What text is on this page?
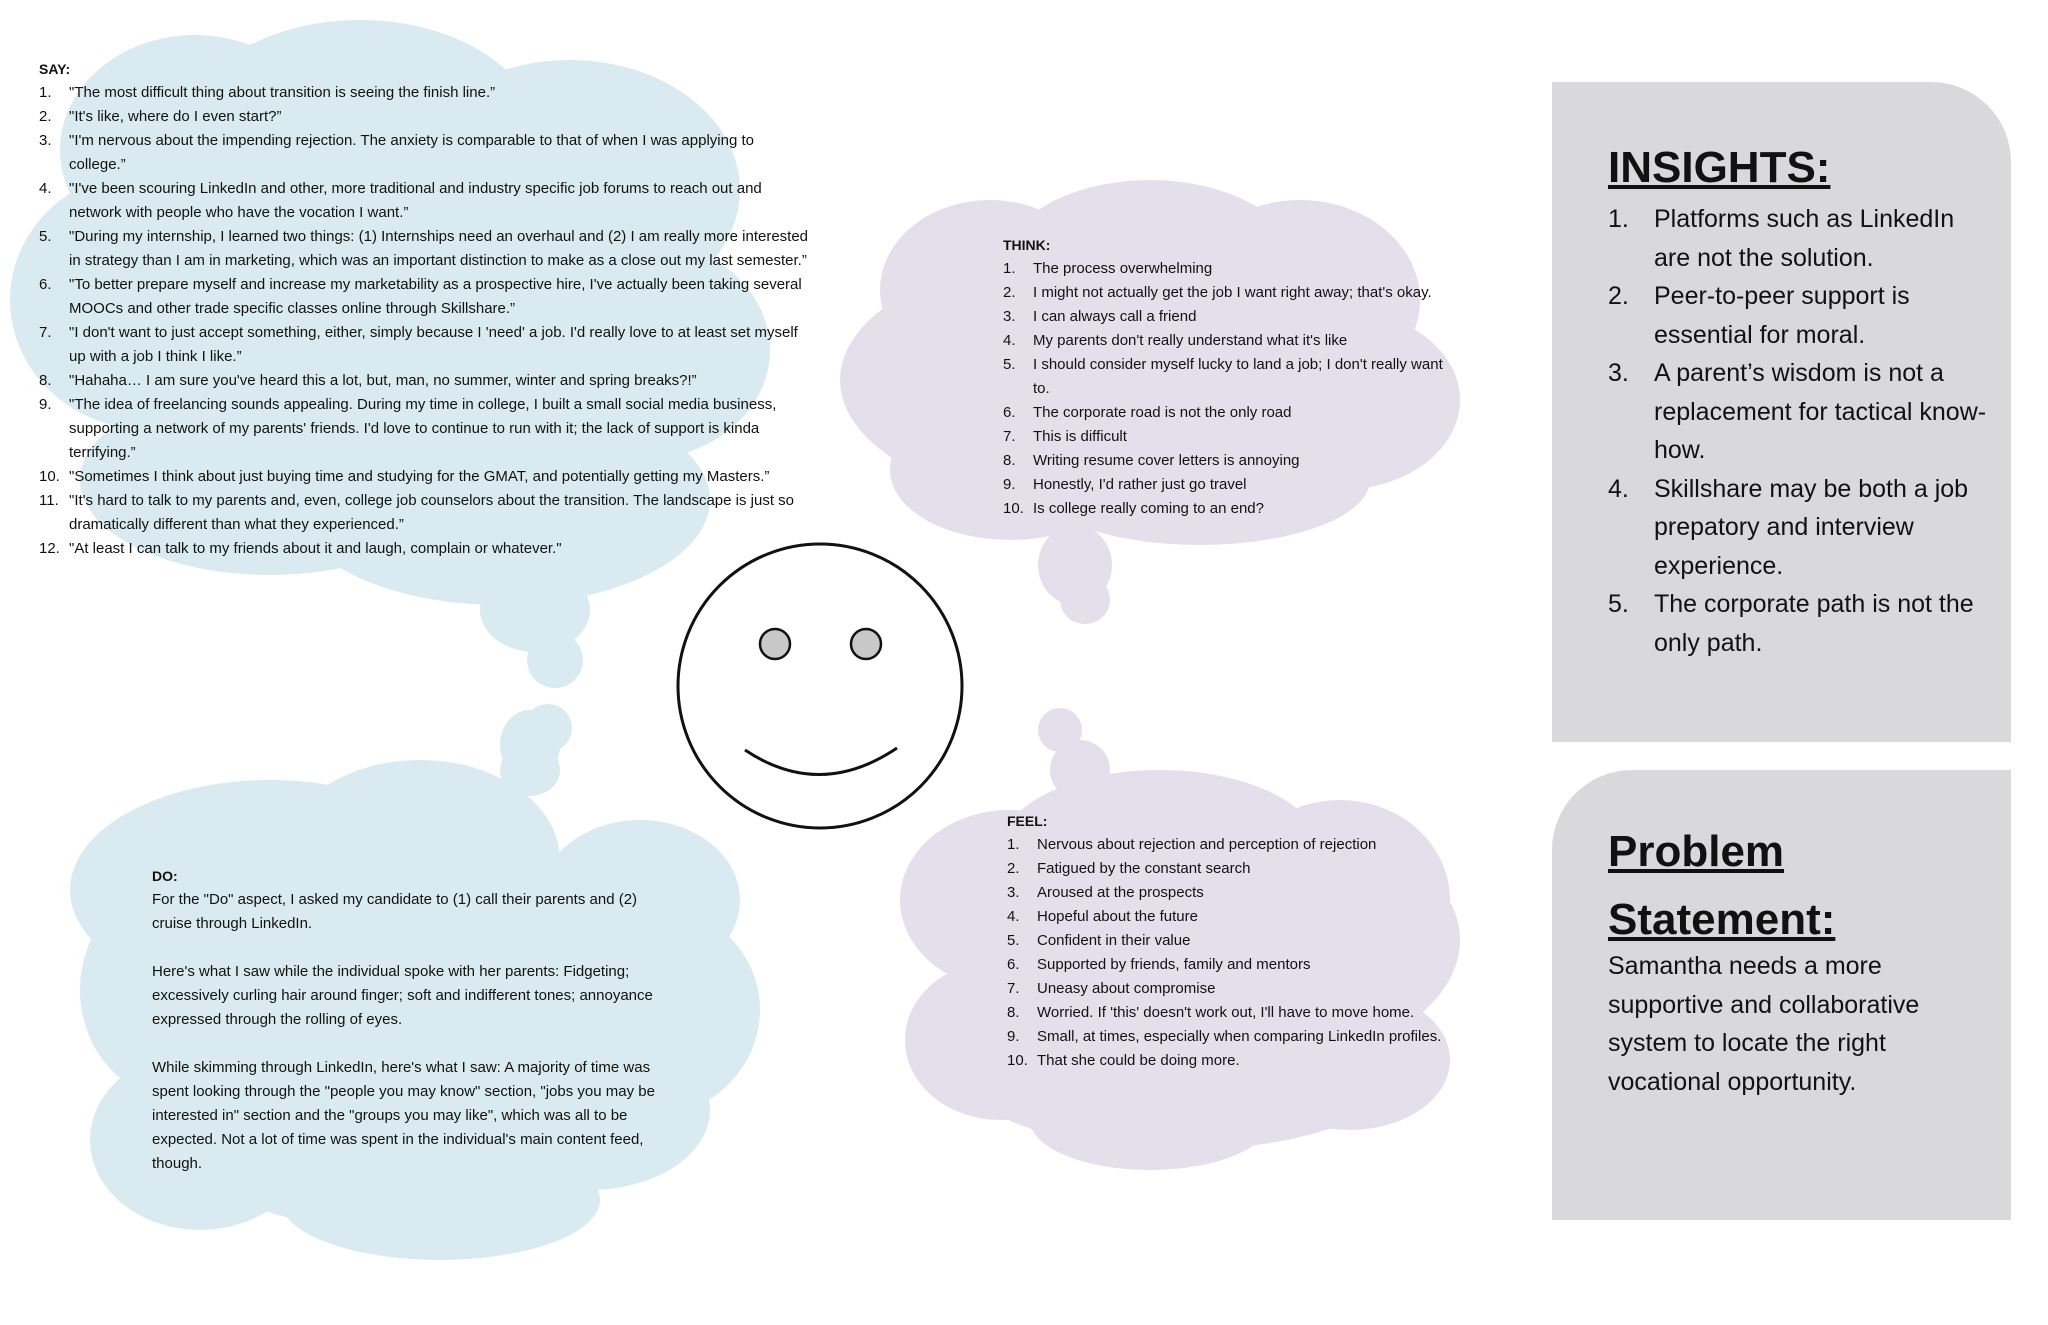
SAY:
1. "The most difficult thing about transition is seeing the finish line.”
2. "It's like, where do I even start?”
3. "I'm nervous about the impending rejection. The anxiety is comparable to that of when I was applying to college.”
4. "I've been scouring LinkedIn and other, more traditional and industry specific job forums to reach out and network with people who have the vocation I want.”
5. "During my internship, I learned two things: (1) Internships need an overhaul and (2) I am really more interested in strategy than I am in marketing, which was an important distinction to make as a close out my last semester.”
6. "To better prepare myself and increase my marketability as a prospective hire, I've actually been taking several MOOCs and other trade specific classes online through Skillshare.”
7. "I don't want to just accept something, either, simply because I 'need' a job. I'd really love to at least set myself up with a job I think I like.”
8. "Hahaha… I am sure you've heard this a lot, but, man, no summer, winter and spring breaks?!”
9. "The idea of freelancing sounds appealing. During my time in college, I built a small social media business, supporting a network of my parents' friends. I'd love to continue to run with it; the lack of support is kinda terrifying.”
10. "Sometimes I think about just buying time and studying for the GMAT, and potentially getting my Masters.”
11. "It's hard to talk to my parents and, even, college job counselors about the transition. The landscape is just so dramatically different than what they experienced.”
12. "At least I can talk to my friends about it and laugh, complain or whatever."
THINK:
1. The process overwhelming
2. I might not actually get the job I want right away; that's okay.
3. I can always call a friend
4. My parents don't really understand what it's like
5. I should consider myself lucky to land a job; I don't really want to.
6. The corporate road is not the only road
7. This is difficult
8. Writing resume cover letters is annoying
9. Honestly, I'd rather just go travel
10. Is college really coming to an end?
FEEL:
1. Nervous about rejection and perception of rejection
2. Fatigued by the constant search
3. Aroused at the prospects
4. Hopeful about the future
5. Confident in their value
6. Supported by friends, family and mentors
7. Uneasy about compromise
8. Worried. If 'this' doesn't work out, I'll have to move home.
9. Small, at times, especially when comparing LinkedIn profiles.
10. That she could be doing more.
DO:

For the "Do" aspect, I asked my candidate to (1) call their parents and (2) cruise through LinkedIn.

Here's what I saw while the individual spoke with her parents: Fidgeting; excessively curling hair around finger; soft and indifferent tones; annoyance expressed through the rolling of eyes.

While skimming through LinkedIn, here's what I saw: A majority of time was spent looking through the "people you may know" section, "jobs you may be interested in" section and the "groups you may like", which was all to be expected. Not a lot of time was spent in the individual's main content feed, though.

INSIGHTS:
1. Platforms such as LinkedIn are not the solution.
2. Peer-to-peer support is essential for moral.
3. A parent’s wisdom is not a replacement for tactical know-how.
4. Skillshare may be both a job prepatory and interview experience.
5. The corporate path is not the only path.
Problem Statement:
Samantha needs a more supportive and collaborative system to locate the right vocational opportunity.
